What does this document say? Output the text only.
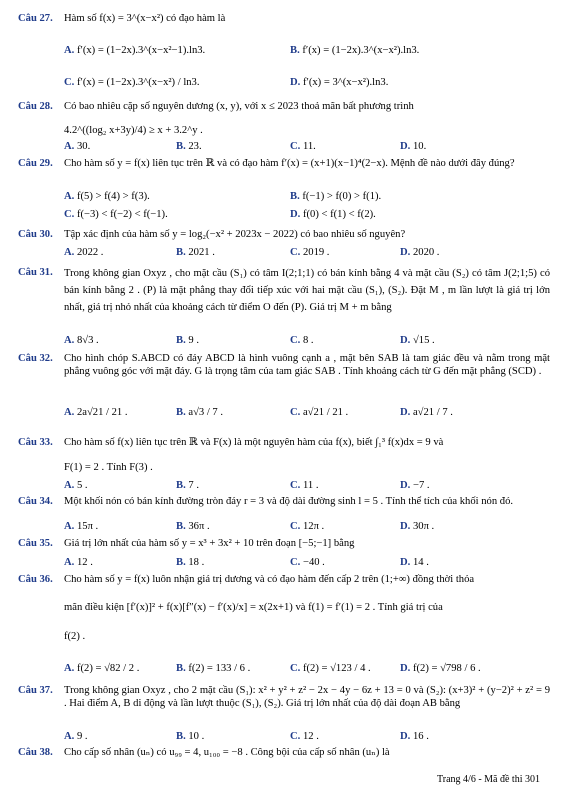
Câu 27. Hàm số f(x) = 3^(x−x²) có đạo hàm là
A. f′(x) = (1−2x).3^(x−x²−1).ln3.	B. f′(x) = (1−2x).3^(x−x²).ln3.
C. f′(x) = (1−2x).3^(x−x²) / ln3.	D. f′(x) = 3^(x−x²).ln3.
Câu 28. Có bao nhiêu cặp số nguyên dương (x, y), với x ≤ 2023 thoả mãn bất phương trình
4.2^((log₂ x+3y)/4) ≥ x + 3.2^y .
A. 30.	B. 23.	C. 11.	D. 10.
Câu 29. Cho hàm số y = f(x) liên tục trên ℝ và có đạo hàm f′(x) = (x+1)(x−1)⁴(2−x). Mệnh đề nào dưới đây đúng?
A. f(5) > f(4) > f(3).	B. f(−1) > f(0) > f(1).
C. f(−3) < f(−2) < f(−1).	D. f(0) < f(1) < f(2).
Câu 30. Tập xác định của hàm số y = log₂(−x² + 2023x − 2022) có bao nhiêu số nguyên?
A. 2022 .	B. 2021 .	C. 2019 .	D. 2020 .
Câu 31. Trong không gian Oxyz , cho mặt cầu (S₁) có tâm I(2;1;1) có bán kính bằng 4 và mặt cầu (S₂) có tâm J(2;1;5) có bán kính bằng 2 . (P) là mặt phẳng thay đổi tiếp xúc với hai mặt cầu (S₁), (S₂). Đặt M , m lần lượt là giá trị lớn nhất, giá trị nhỏ nhất của khoảng cách từ điểm O đến (P). Giá trị M + m bằng
A. 8√3 .	B. 9 .	C. 8 .	D. √15 .
Câu 32. Cho hình chóp S.ABCD có đáy ABCD là hình vuông cạnh a , mặt bên SAB là tam giác đều và nằm trong mặt phẳng vuông góc với mặt đáy. G là trọng tâm của tam giác SAB . Tính khoảng cách từ G đến mặt phẳng (SCD) .
A. 2a√21 / 21 .	B. a√3 / 7 .	C. a√21 / 21 .	D. a√21 / 7 .
Câu 33. Cho hàm số f(x) liên tục trên ℝ và F(x) là một nguyên hàm của f(x), biết ∫₁³ f(x)dx = 9 và
F(1) = 2 . Tính F(3) .
A. 5 .	B. 7 .	C. 11 .	D. −7 .
Câu 34. Một khối nón có bán kính đường tròn đáy r = 3 và độ dài đường sinh l = 5 . Tính thể tích của khối nón đó.
A. 15π .	B. 36π .	C. 12π .	D. 30π .
Câu 35. Giá trị lớn nhất của hàm số y = x³ + 3x² + 10 trên đoạn [−5;−1] bằng
A. 12 .	B. 18 .	C. −40 .	D. 14 .
Câu 36. Cho hàm số y = f(x) luôn nhận giá trị dương và có đạo hàm đến cấp 2 trên (1;+∞) đồng thời thỏa
mãn điều kiện [f′(x)]² + f(x)[f″(x) − f′(x)/x] = x(2x+1) và f(1) = f′(1) = 2 . Tính giá trị của
f(2) .
A. f(2) = √82 / 2 .	B. f(2) = 133 / 6 .	C. f(2) = √123 / 4 .	D. f(2) = √798 / 6 .
Câu 37. Trong không gian Oxyz , cho 2 mặt cầu (S₁): x² + y² + z² − 2x − 4y − 6z + 13 = 0 và (S₂): (x+3)² + (y−2)² + z² = 9 . Hai điểm A, B di động và lần lượt thuộc (S₁), (S₂). Giá trị lớn nhất của độ dài đoạn AB bằng
A. 9 .	B. 10 .	C. 12 .	D. 16 .
Câu 38. Cho cấp số nhân (uₙ) có u₉₉ = 4, u₁₀₀ = −8 . Công bội của cấp số nhân (uₙ) là
Trang 4/6 - Mã đề thi 301
